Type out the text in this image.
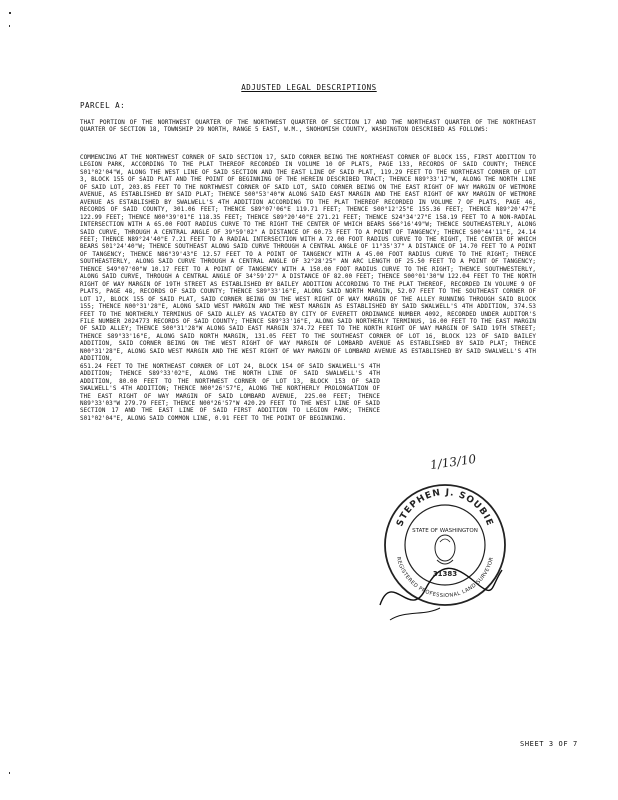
ADJUSTED LEGAL DESCRIPTIONS
PARCEL A:

THAT PORTION OF THE NORTHWEST QUARTER OF THE NORTHWEST QUARTER OF SECTION 17 AND THE NORTHEAST QUARTER OF THE NORTHEAST QUARTER OF SECTION 18, TOWNSHIP 29 NORTH, RANGE 5 EAST, W.M., SNOHOMISH COUNTY, WASHINGTON DESCRIBED AS FOLLOWS:

COMMENCING AT THE NORTHWEST CORNER OF SAID SECTION 17, SAID CORNER BEING THE NORTHEAST CORNER OF BLOCK 155, FIRST ADDITION TO LEGION PARK, ACCORDING TO THE PLAT THEREOF RECORDED IN VOLUME 10 OF PLATS, PAGE 133, RECORDS OF SAID COUNTY; THENCE S01°02'04"W, ALONG THE WEST LINE OF SAID SECTION AND THE EAST LINE OF SAID PLAT, 119.29 FEET TO THE NORTHEAST CORNER OF LOT 3, BLOCK 155 OF SAID PLAT AND THE POINT OF BEGINNING OF THE HEREIN DESCRIBED TRACT; THENCE N89°33'17"W, ALONG THE NORTH LINE OF SAID LOT, 203.85 FEET TO THE NORTHWEST CORNER OF SAID LOT, SAID CORNER BEING ON THE EAST RIGHT OF WAY MARGIN OF WETMORE AVENUE, AS ESTABLISHED BY SAID PLAT; THENCE S00°53'40"W ALONG SAID EAST MARGIN AND THE EAST RIGHT OF WAY MARGIN OF WETMORE AVENUE AS ESTABLISHED BY SWALWELL'S 4TH ADDITION ACCORDING TO THE PLAT THEREOF RECORDED IN VOLUME 7 OF PLATS, PAGE 46, RECORDS OF SAID COUNTY, 301.06 FEET; THENCE S89°07'06"E 119.71 FEET; THENCE S00°12'25"E 155.36 FEET; THENCE N89°20'47"E 122.99 FEET; THENCE N00°39'01"E 118.35 FEET; THENCE S89°20'40"E 271.21 FEET; THENCE S24°34'27"E 158.19 FEET TO A NON-RADIAL INTERSECTION WITH A 65.00 FOOT RADIUS CURVE TO THE RIGHT THE CENTER OF WHICH BEARS S66°16'49"W; THENCE SOUTHEASTERLY, ALONG SAID CURVE, THROUGH A CENTRAL ANGLE OF 39°59'02" A DISTANCE OF 60.73 FEET TO A POINT OF TANGENCY; THENCE S00°44'11"E, 24.14 FEET; THENCE N89°24'40"E 7.21 FEET TO A RADIAL INTERSECTION WITH A 72.00 FOOT RADIUS CURVE TO THE RIGHT, THE CENTER OF WHICH BEARS S01°24'40"W; THENCE SOUTHEAST ALONG SAID CURVE THROUGH A CENTRAL ANGLE OF 11°35'37" A DISTANCE OF 14.70 FEET TO A POINT OF TANGENCY; THENCE N86°39'43"E 12.57 FEET TO A POINT OF TANGENCY WITH A 45.00 FOOT RADIUS CURVE TO THE RIGHT; THENCE SOUTHEASTERLY, ALONG SAID CURVE THROUGH A CENTRAL ANGLE OF 32°28'25" AN ARC LENGTH OF 25.50 FEET TO A POINT OF TANGENCY; THENCE S49°07'00"W 10.17 FEET TO A POINT OF TANGENCY WITH A 150.00 FOOT RADIUS CURVE TO THE RIGHT; THENCE SOUTHWESTERLY, ALONG SAID CURVE, THROUGH A CENTRAL ANGLE OF 34°59'27" A DISTANCE OF 82.00 FEET; THENCE S00°01'30"W 122.04 FEET TO THE NORTH RIGHT OF WAY MARGIN OF 19TH STREET AS ESTABLISHED BY BAILEY ADDITION ACCORDING TO THE PLAT THEREOF, RECORDED IN VOLUME 9 OF PLATS, PAGE 48, RECORDS OF SAID COUNTY; THENCE S89°33'16"E, ALONG SAID NORTH MARGIN, 52.07 FEET TO THE SOUTHEAST CORNER OF LOT 17, BLOCK 155 OF SAID PLAT, SAID CORNER BEING ON THE WEST RIGHT OF WAY MARGIN OF THE ALLEY RUNNING THROUGH SAID BLOCK 155; THENCE N00°31'28"E, ALONG SAID WEST MARGIN AND THE WEST MARGIN AS ESTABLISHED BY SAID SWALWELL'S 4TH ADDITION, 374.53 FEET TO THE NORTHERLY TERMINUS OF SAID ALLEY AS VACATED BY CITY OF EVERETT ORDINANCE NUMBER 4092, RECORDED UNDER AUDITOR'S FILE NUMBER 2024773 RECORDS OF SAID COUNTY; THENCE S89°33'16"E, ALONG SAID NORTHERLY TERMINUS, 16.00 FEET TO THE EAST MARGIN OF SAID ALLEY; THENCE S00°31'28"W ALONG SAID EAST MARGIN 374.72 FEET TO THE NORTH RIGHT OF WAY MARGIN OF SAID 19TH STREET; THENCE S89°33'16"E, ALONG SAID NORTH MARGIN, 131.05 FEET TO THE SOUTHEAST CORNER OF LOT 16, BLOCK 123 OF SAID BAILEY ADDITION, SAID CORNER BEING ON THE WEST RIGHT OF WAY MARGIN OF LOMBARD AVENUE AS ESTABLISHED BY SAID PLAT; THENCE N00°31'28"E, ALONG SAID WEST MARGIN AND THE WEST RIGHT OF WAY MARGIN OF LOMBARD AVENUE AS ESTABLISHED BY SAID SWALWELL'S 4TH ADDITION,
651.24 FEET TO THE NORTHEAST CORNER OF LOT 24, BLOCK 154 OF SAID SWALWELL'S 4TH ADDITION; THENCE S89°33'02"E, ALONG THE NORTH LINE OF SAID SWALWELL'S 4TH ADDITION, 80.00 FEET TO THE NORTHWEST CORNER OF LOT 13, BLOCK 153 OF SAID SWALWELL'S 4TH ADDITION; THENCE N00°26'57"E, ALONG THE NORTHERLY PROLONGATION OF THE EAST RIGHT OF WAY MARGIN OF SAID LOMBARD AVENUE, 225.00 FEET; THENCE N89°33'03"W 279.79 FEET; THENCE N00°26'57"W 420.29 FEET TO THE WEST LINE OF SAID SECTION 17 AND THE EAST LINE OF SAID FIRST ADDITION TO LEGION PARK; THENCE S01°02'04"E, ALONG SAID COMMON LINE, 0.91 FEET TO THE POINT OF BEGINNING.
1/13/10
STEPHEN J. SOUBIE
REGISTERED PROFESSIONAL LAND SURVEYOR
STATE OF WASHINGTON
31383
SHEET 3 OF 7
